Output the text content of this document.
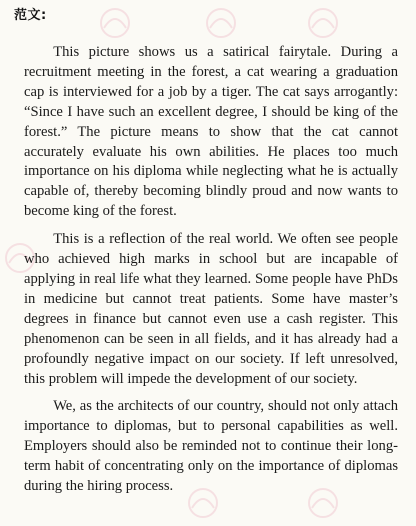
范文:

This picture shows us a satirical fairytale. During a recruitment meeting in the forest, a cat wearing a graduation cap is interviewed for a job by a tiger. The cat says arrogantly: “Since I have such an excellent degree, I should be king of the forest.” The picture means to show that the cat cannot accurately evaluate his own abilities. He places too much importance on his diploma while neglecting what he is actually capable of, thereby becoming blindly proud and now wants to become king of the forest.

This is a reflection of the real world. We often see people who achieved high marks in school but are incapable of applying in real life what they learned. Some people have PhDs in medicine but cannot treat patients. Some have master’s degrees in finance but cannot even use a cash register. This phenomenon can be seen in all fields, and it has already had a profoundly negative impact on our society. If left unresolved, this problem will impede the development of our society.

We, as the architects of our country, should not only attach importance to diplomas, but to personal capabilities as well. Employers should also be reminded not to continue their long-term habit of concentrating only on the importance of diplomas during the hiring process.
